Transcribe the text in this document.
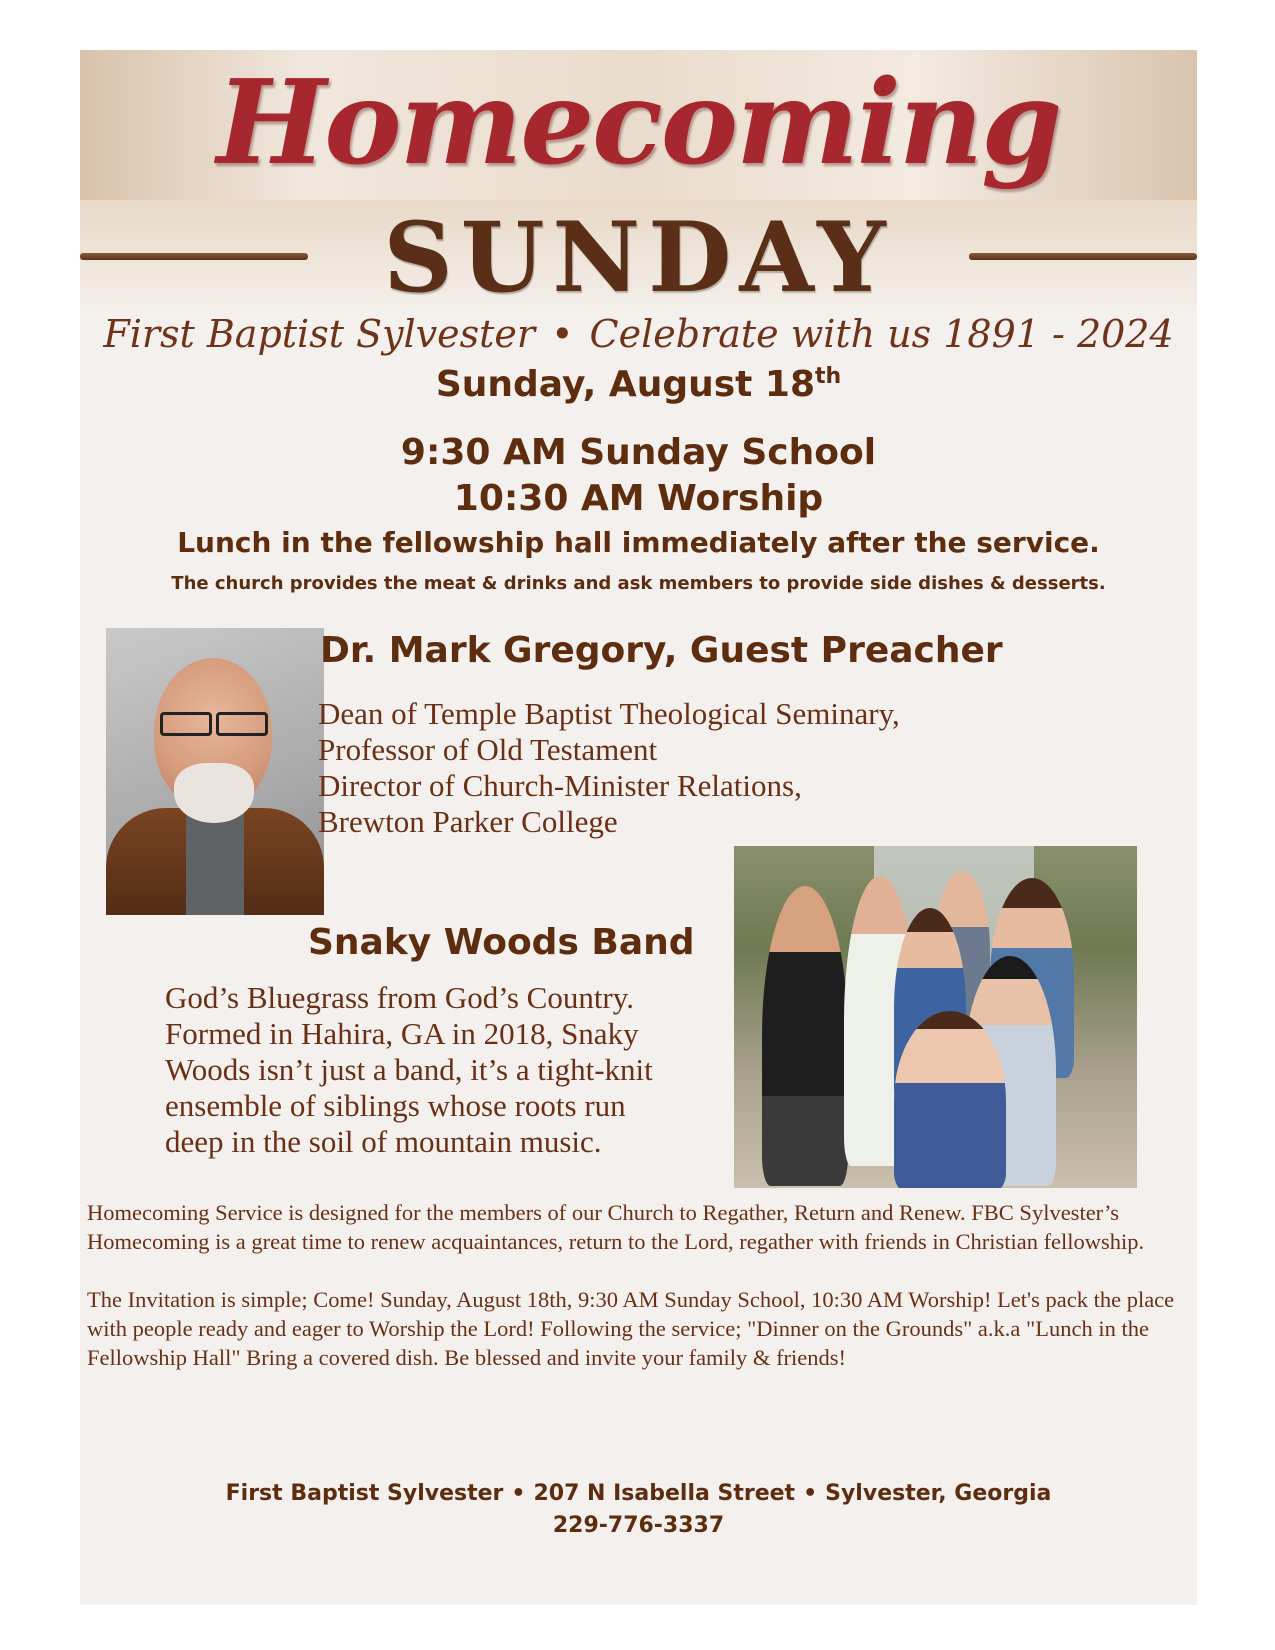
Homecoming
SUNDAY
First Baptist Sylvester • Celebrate with us 1891 - 2024
Sunday, August 18th
9:30 AM Sunday School
10:30 AM Worship
Lunch in the fellowship hall immediately after the service.
The church provides the meat & drinks and ask members to provide side dishes & desserts.
Dr. Mark Gregory, Guest Preacher
Dean of Temple Baptist Theological Seminary,
Professor of Old Testament
Director of Church-Minister Relations,
Brewton Parker College
Snaky Woods Band
God’s Bluegrass from God’s Country.
Formed in Hahira, GA in 2018, Snaky
Woods isn’t just a band, it’s a tight-knit
ensemble of siblings whose roots run
deep in the soil of mountain music.

Homecoming Service is designed for the members of our Church to Regather, Return and Renew. FBC Sylvester’s Homecoming is a great time to renew acquaintances, return to the Lord, regather with friends in Christian fellowship.

The Invitation is simple; Come! Sunday, August 18th, 9:30 AM Sunday School, 10:30 AM Worship! Let's pack the place with people ready and eager to Worship the Lord! Following the service; "Dinner on the Grounds" a.k.a "Lunch in the Fellowship Hall" Bring a covered dish. Be blessed and invite your family & friends!

First Baptist Sylvester • 207 N Isabella Street • Sylvester, Georgia
229-776-3337
